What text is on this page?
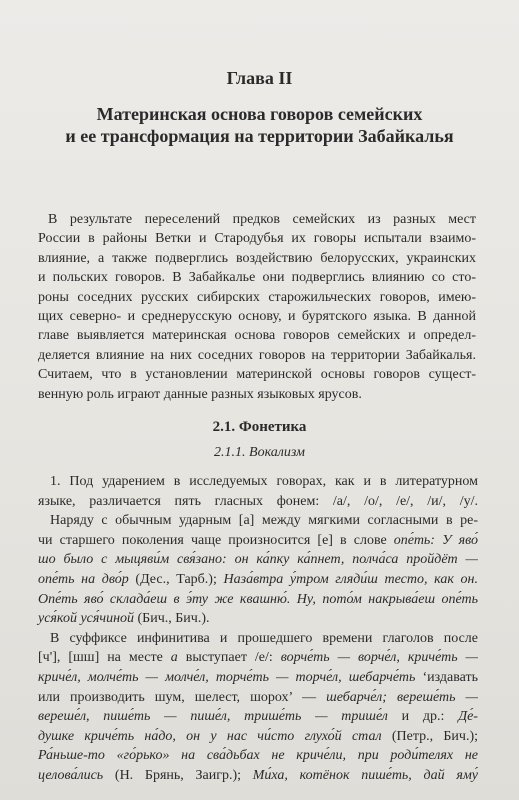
Глава II
Материнская основа говоров семейских
и ее трансформация на территории Забайкалья
В результате переселений предков семейских из разных мест
России в районы Ветки и Стародубья их говоры испытали взаимо-
влияние, а также подверглись воздействию белорусских, украинских
и польских говоров. В Забайкалье они подверглись влиянию со сто-
роны соседних русских сибирских старожильческих говоров, имею-
щих северно- и среднерусскую основу, и бурятского языка. В данной
главе выявляется материнская основа говоров семейских и определ-
деляется влияние на них соседних говоров на территории Забайкалья.
Считаем, что в установлении материнской основы говоров сущест-
венную роль играют данные разных языковых ярусов.
2.1. Фонетика
2.1.1. Вокализм
1. Под ударением в исследуемых говорах, как и в литературном
языке, различается пять гласных фонем: /а/, /о/, /е/, /и/, /у/.
Наряду с обычным ударным [а] между мягкими согласными в ре-
чи старшего поколения чаще произносится [е] в слове опе́ть: У яво́
шо было с мыцяви́м свя́зано: он ка́пку ка́пнет, полча́са пройдёт —
опе́ть на дво́р (Дес., Тарб.); Наза́втра у́тром гляди́ш тесто, как он.
Опе́ть яво́ склада́еш в э́ту же квашню́. Ну, пото́м накрыва́еш опе́ть
уся́кой уся́чиной (Бич., Бич.).
В суффиксе инфинитива и прошедшего времени глаголов после
[ч'], [шш] на месте а выступает /е/: ворче́ть — ворче́л, криче́ть —
криче́л, молче́ть — молче́л, торче́ть — торче́л, шебарче́ть ‘издавать
или производить шум, шелест, шорох’ — шебарче́л; вереше́ть —
вереше́л, пише́ть — пише́л, трише́ть — трише́л и др.: Де́-
душке криче́ть на́до, он у нас чи́сто глухо́й стал (Петр., Бич.);
Ра́ньше-то «го́рько» на сва́дьбах не криче́ли, при роди́телях не
целова́лись (Н. Брянь, Заигр.); Ми́ха, котёнок пише́ть, дай яму́
